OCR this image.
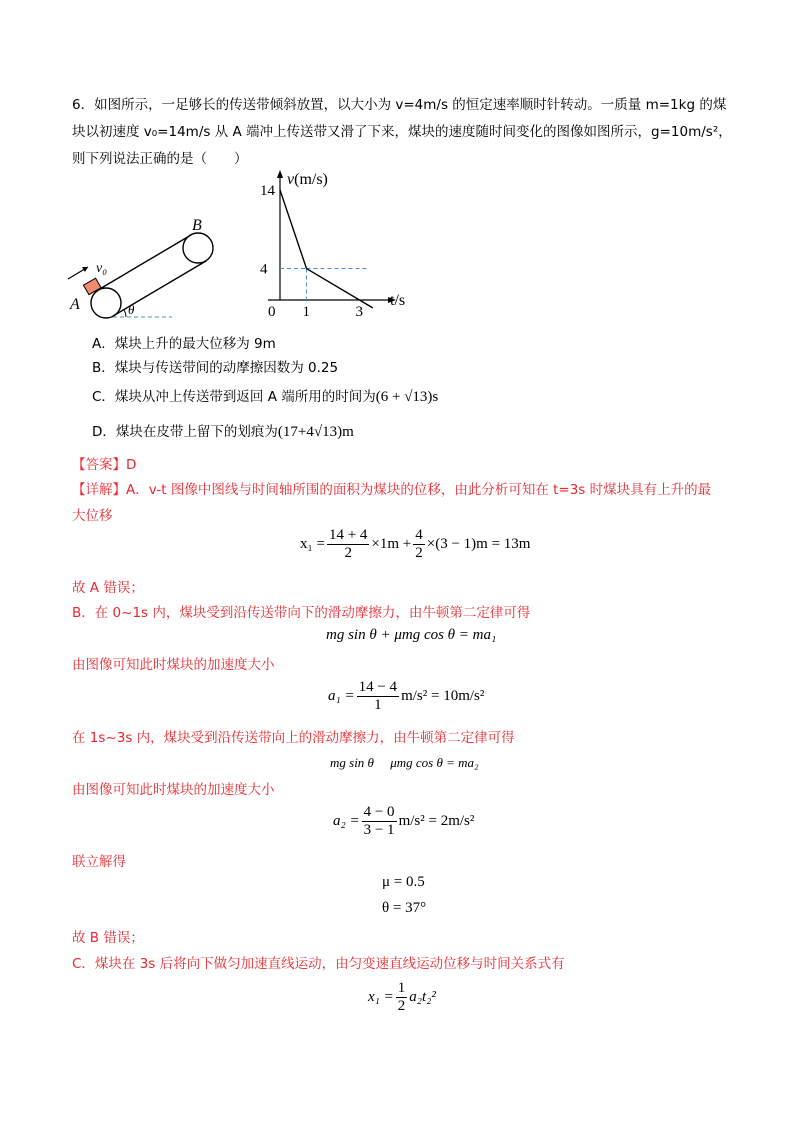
6．如图所示，一足够长的传送带倾斜放置，以大小为 v=4m/s 的恒定速率顺时针转动。一质量 m=1kg 的煤
块以初速度 v₀=14m/s 从 A 端冲上传送带又滑了下来，煤块的速度随时间变化的图像如图所示，g=10m/s²，
则下列说法正确的是（　　）
B
A
v₀
θ
14
4
1	3
v(m/s)
t/s
0
A．煤块上升的最大位移为 9m
B．煤块与传送带间的动摩擦因数为 0.25
C．煤块从冲上传送带到返回 A 端所用的时间为(6 + √13)s
D．煤块在皮带上留下的划痕为(17+4√13)m
【答案】D
【详解】A．v-t 图像中图线与时间轴所围的面积为煤块的位移，由此分析可知在 t=3s 时煤块具有上升的最
大位移
$x_1 = \frac{14 + 4}{2} \times 1m + \frac{4}{2} \times(3 - 1)m = 13m$
故 A 错误；
B．在 0~1s 内，煤块受到沿传送带向下的滑动摩擦力，由牛顿第二定律可得
mg sin θ + μmg cos θ = ma₁
由图像可知此时煤块的加速度大小
$a_1 = \frac{14 - 4}{1} m/s^2 = 10m/s^2$
在 1s~3s 内，煤块受到沿传送带向上的滑动摩擦力，由牛顿第二定律可得
mg sin θ 　μmg cos θ = ma₂
由图像可知此时煤块的加速度大小
$a_2 = \frac{4 - 0}{3 - 1} m/s^2 = 2m/s^2$
联立解得
μ = 0.5
θ = 37°
故 B 错误；
C．煤块在 3s 后将向下做匀加速直线运动，由匀变速直线运动位移与时间关系式有
$x_1 = \frac{1}{2} a_2t_2^2$
